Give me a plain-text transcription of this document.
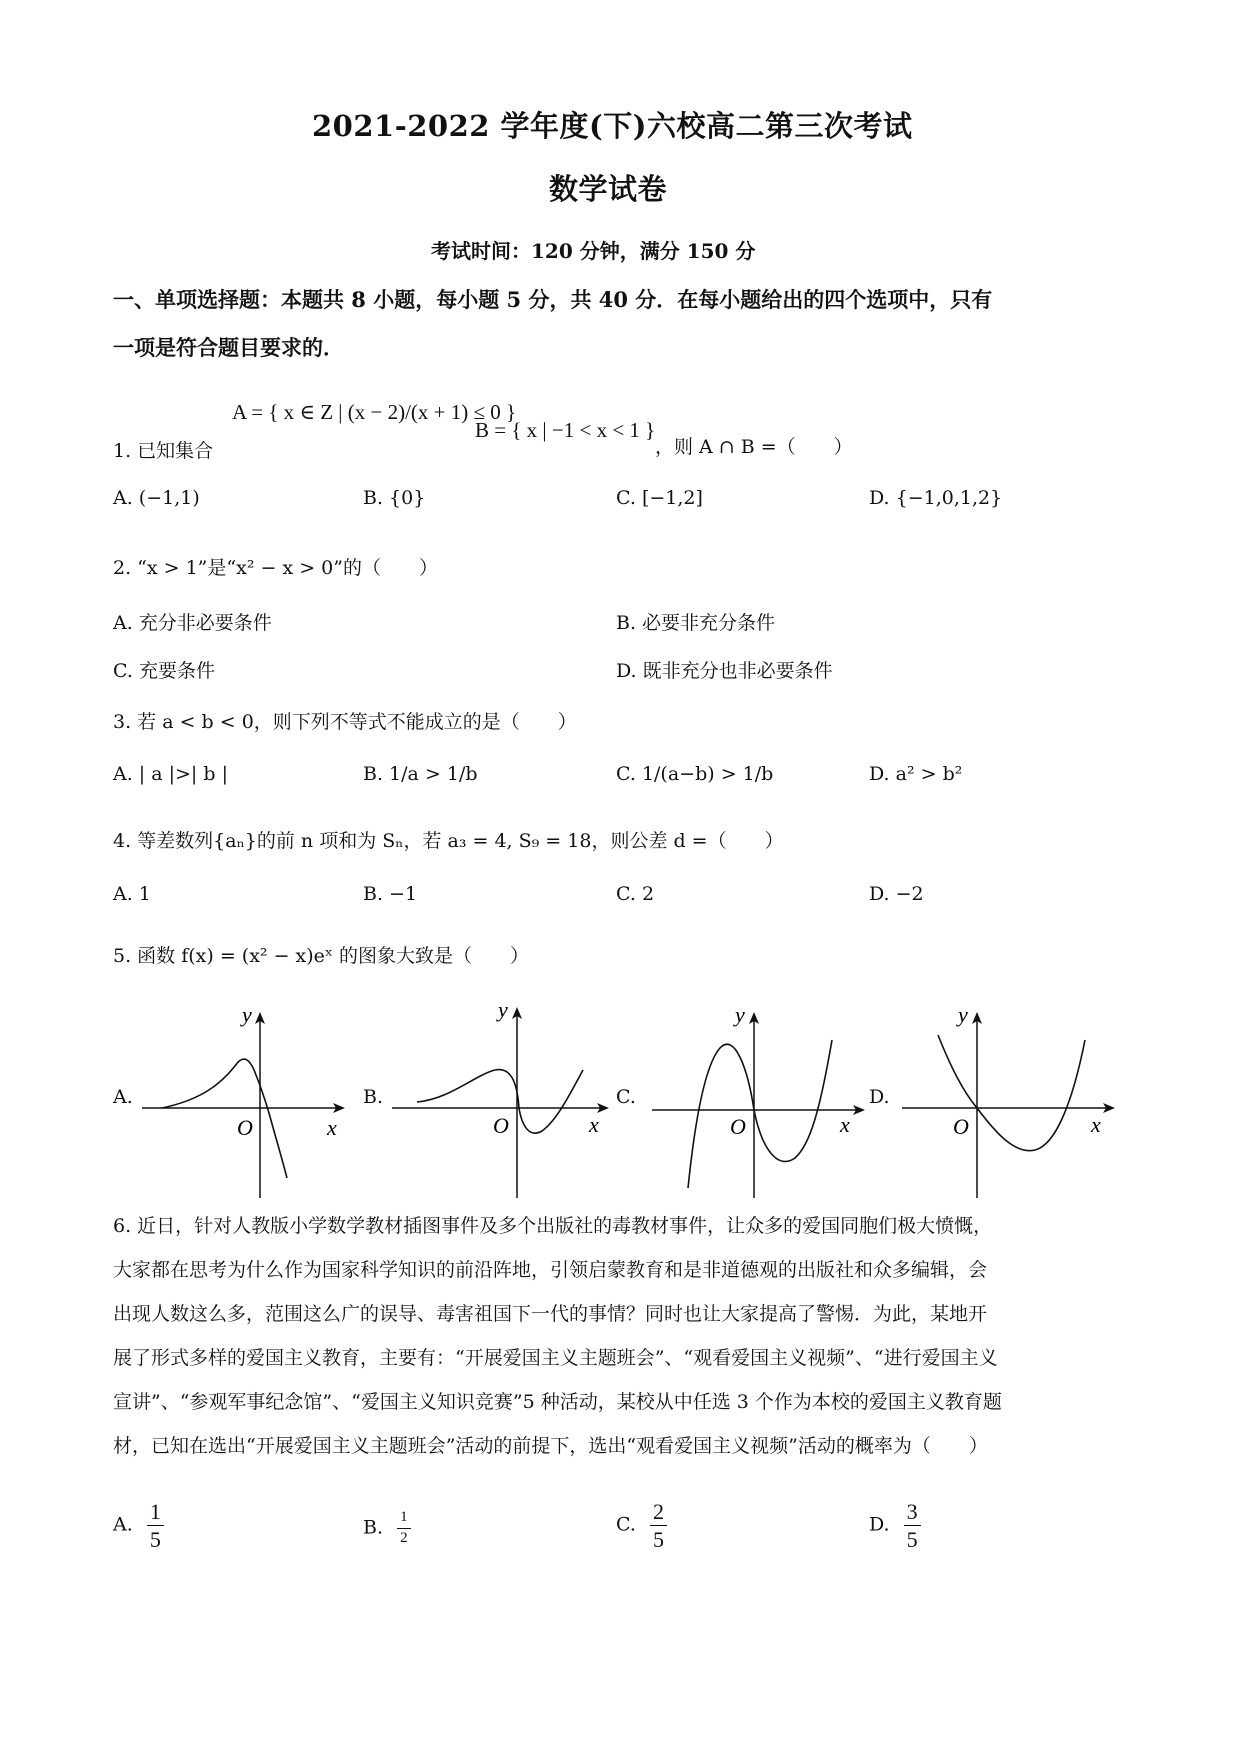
2021-2022 学年度(下)六校高二第三次考试
数学试卷
考试时间：120 分钟，满分 150 分
一、单项选择题：本题共 8 小题，每小题 5 分，共 40 分．在每小题给出的四个选项中，只有
一项是符合题目要求的．
1. 已知集合
A = { x ∈ Z | (x − 2)/(x + 1) ≤ 0 }
B = { x | −1 < x < 1 }
，则 A ∩ B =（　　）
A. (−1,1)	B. {0}	C. [−1,2]	D. {−1,0,1,2}
2. “x > 1”是“x² − x > 0”的（　　）
A. 充分非必要条件	B. 必要非充分条件
C. 充要条件	D. 既非充分也非必要条件
3. 若 a < b < 0，则下列不等式不能成立的是（　　）
A. | a |>| b |	B. 1/a > 1/b	C. 1/(a−b) > 1/b	D. a² > b²
4. 等差数列{aₙ}的前 n 项和为 Sₙ，若 a₃ = 4, S₉ = 18，则公差 d =（　　）
A. 1	B. −1	C. 2	D. −2
5. 函数 f(x) = (x² − x)eˣ 的图象大致是（　　）
A.
y
x
O
B.
y
x
O
C.
y
x
O
D.
y
x
O
6. 近日，针对人教版小学数学教材插图事件及多个出版社的毒教材事件，让众多的爱国同胞们极大愤慨，
大家都在思考为什么作为国家科学知识的前沿阵地，引领启蒙教育和是非道德观的出版社和众多编辑，会
出现人数这么多，范围这么广的误导、毒害祖国下一代的事情？同时也让大家提高了警惕．为此，某地开
展了形式多样的爱国主义教育，主要有：“开展爱国主义主题班会”、“观看爱国主义视频”、“进行爱国主义
宣讲”、“参观军事纪念馆”、“爱国主义知识竞赛”5 种活动，某校从中任选 3 个作为本校的爱国主义教育题
材，已知在选出“开展爱国主义主题班会”活动的前提下，选出“观看爱国主义视频”活动的概率为（　　）
A. $\frac{1}{5}$	B. $\frac{1}{2}$	C. $\frac{2}{5}$	D. $\frac{3}{5}$
